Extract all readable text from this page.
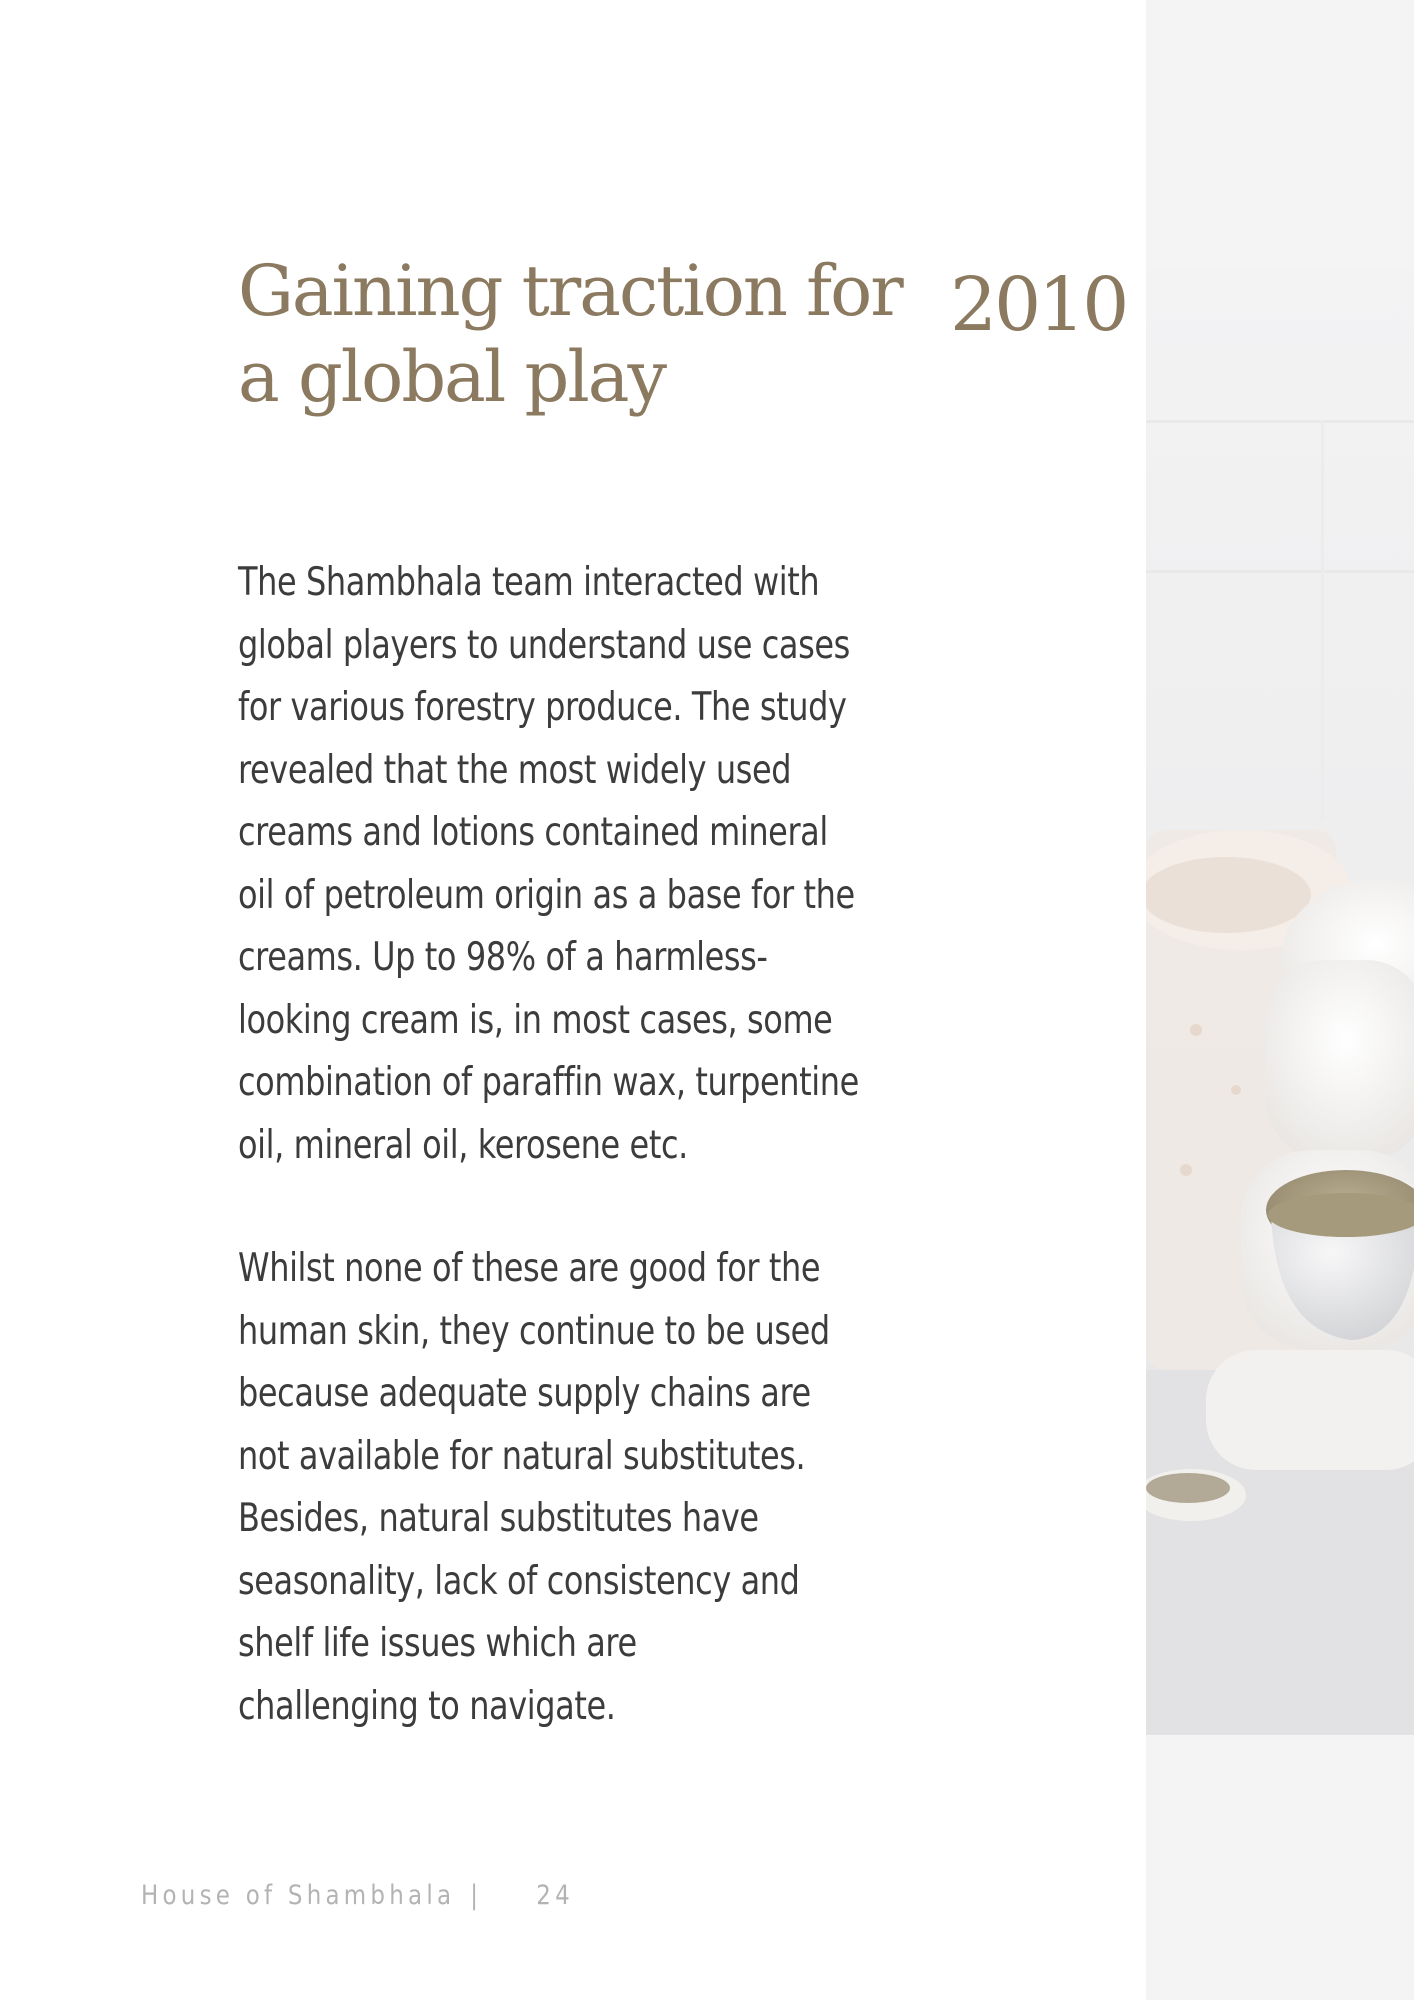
Gaining traction for
a global play
2010
The Shambhala team interacted with
global players to understand use cases
for various forestry produce. The study
revealed that the most widely used
creams and lotions contained mineral
oil of petroleum origin as a base for the
creams. Up to 98% of a harmless-
looking cream is, in most cases, some
combination of paraffin wax, turpentine
oil, mineral oil, kerosene etc.
Whilst none of these are good for the
human skin, they continue to be used
because adequate supply chains are
not available for natural substitutes.
Besides, natural substitutes have
seasonality, lack of consistency and
shelf life issues which are
challenging to navigate.
House of Shambhala | 24
